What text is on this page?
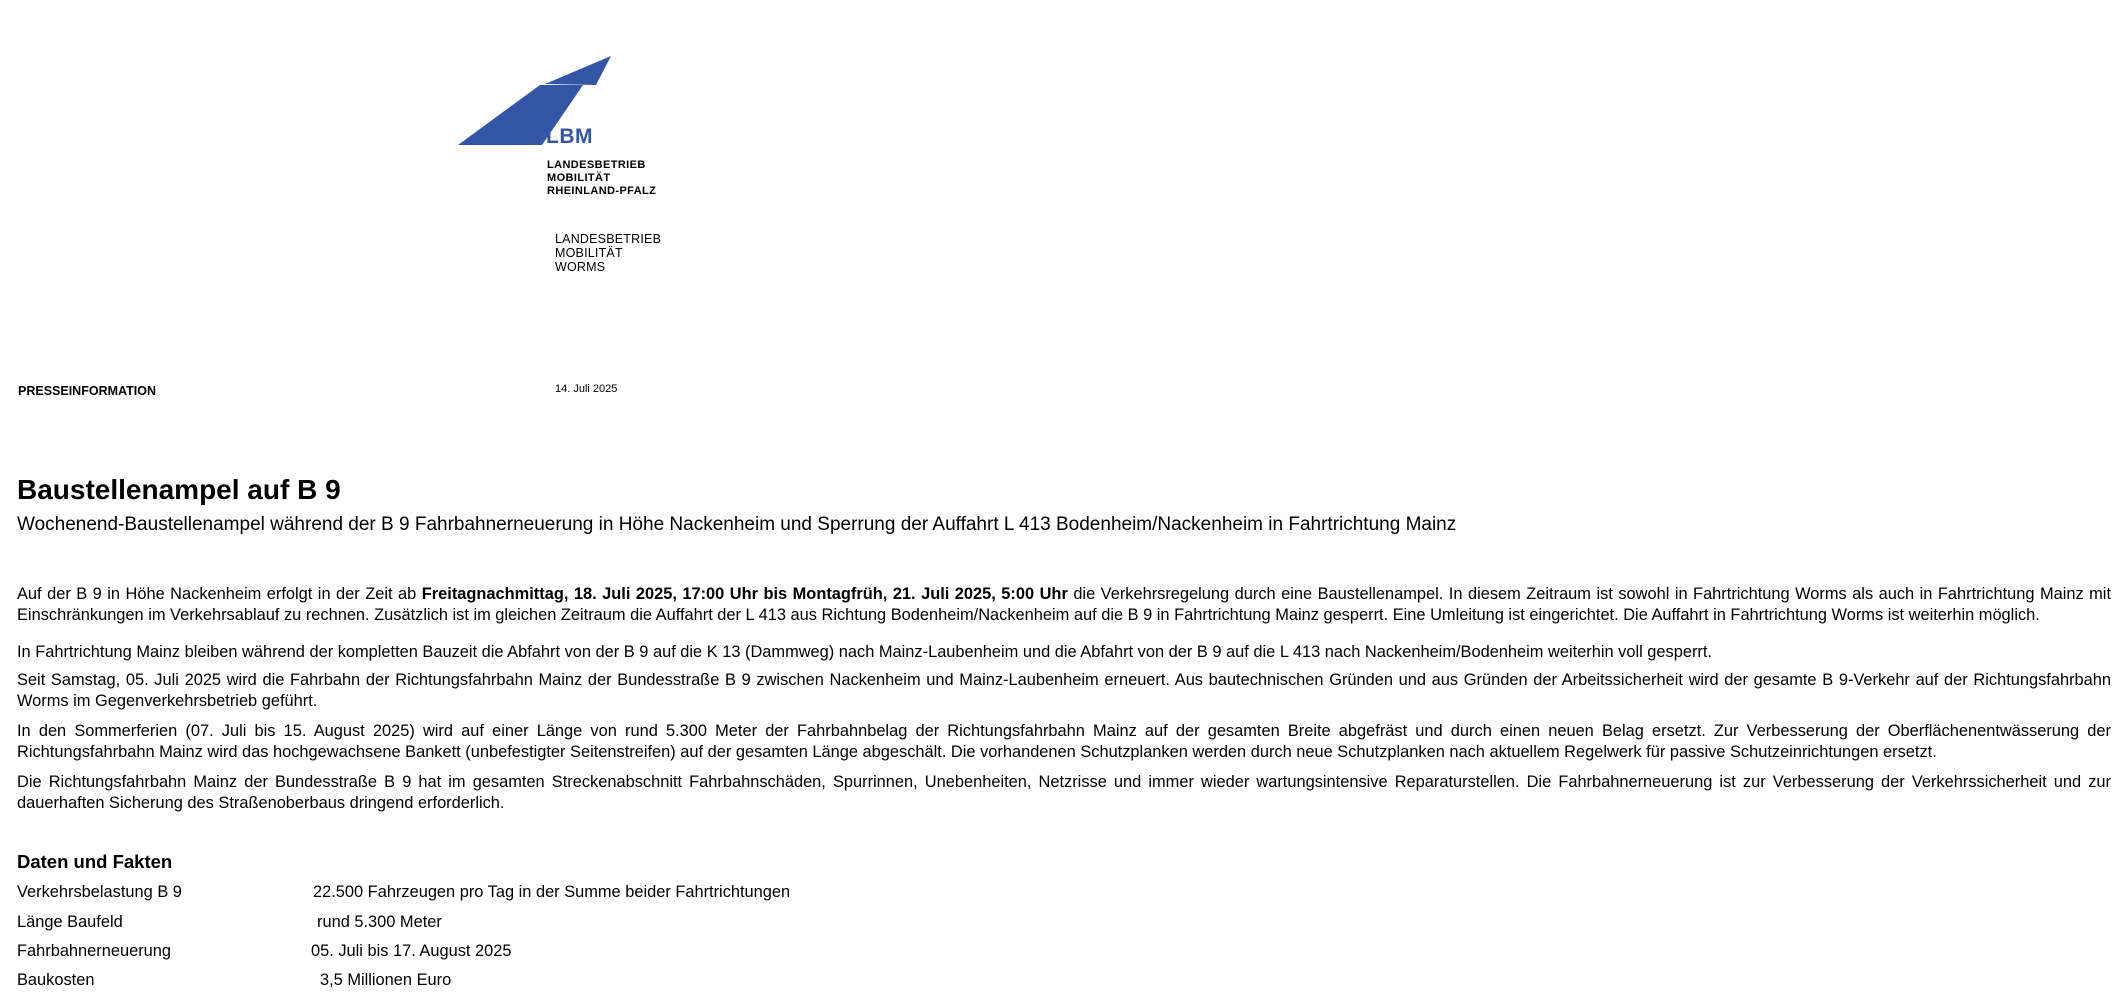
LBM
LANDESBETRIEB
MOBILITÄT
RHEINLAND-PFALZ
LANDESBETRIEB
MOBILITÄT
WORMS
PRESSEINFORMATION	14. Juli 2025
Baustellenampel auf B 9
Wochenend-Baustellenampel während der B 9 Fahrbahnerneuerung in Höhe Nackenheim und Sperrung der Auffahrt L 413 Bodenheim/Nackenheim in Fahrtrichtung Mainz
Auf der B 9 in Höhe Nackenheim erfolgt in der Zeit ab Freitagnachmittag, 18. Juli 2025, 17:00 Uhr bis Montagfrüh, 21. Juli 2025, 5:00 Uhr die Verkehrsregelung durch eine Baustellenampel. In diesem Zeitraum ist sowohl in Fahrtrichtung Worms als auch in Fahrtrichtung Mainz mit Einschränkungen im Verkehrsablauf zu rechnen. Zusätzlich ist im gleichen Zeitraum die Auffahrt der L 413 aus Richtung Bodenheim/Nackenheim auf die B 9 in Fahrtrichtung Mainz gesperrt. Eine Umleitung ist eingerichtet. Die Auffahrt in Fahrtrichtung Worms ist weiterhin möglich.
In Fahrtrichtung Mainz bleiben während der kompletten Bauzeit die Abfahrt von der B 9 auf die K 13 (Dammweg) nach Mainz-Laubenheim und die Abfahrt von der B 9 auf die L 413 nach Nackenheim/Bodenheim weiterhin voll gesperrt.
Seit Samstag, 05. Juli 2025 wird die Fahrbahn der Richtungsfahrbahn Mainz der Bundesstraße B 9 zwischen Nackenheim und Mainz-Laubenheim erneuert. Aus bautechnischen Gründen und aus Gründen der Arbeitssicherheit wird der gesamte B 9-Verkehr auf der Richtungsfahrbahn Worms im Gegenverkehrsbetrieb geführt.
In den Sommerferien (07. Juli bis 15. August 2025) wird auf einer Länge von rund 5.300 Meter der Fahrbahnbelag der Richtungsfahrbahn Mainz auf der gesamten Breite abgefräst und durch einen neuen Belag ersetzt. Zur Verbesserung der Oberflächenentwässerung der Richtungsfahrbahn Mainz wird das hochgewachsene Bankett (unbefestigter Seitenstreifen) auf der gesamten Länge abgeschält. Die vorhandenen Schutzplanken werden durch neue Schutzplanken nach aktuellem Regelwerk für passive Schutzeinrichtungen ersetzt.
Die Richtungsfahrbahn Mainz der Bundesstraße B 9 hat im gesamten Streckenabschnitt Fahrbahnschäden, Spurrinnen, Unebenheiten, Netzrisse und immer wieder wartungsintensive Reparaturstellen. Die Fahrbahnerneuerung ist zur Verbesserung der Verkehrssicherheit und zur dauerhaften Sicherung des Straßenoberbaus dringend erforderlich.
Daten und Fakten
Verkehrsbelastung B 9	22.500 Fahrzeugen pro Tag in der Summe beider Fahrtrichtungen
Länge Baufeld	rund 5.300 Meter
Fahrbahnerneuerung	05. Juli bis 17. August 2025
Baukosten	3,5 Millionen Euro
